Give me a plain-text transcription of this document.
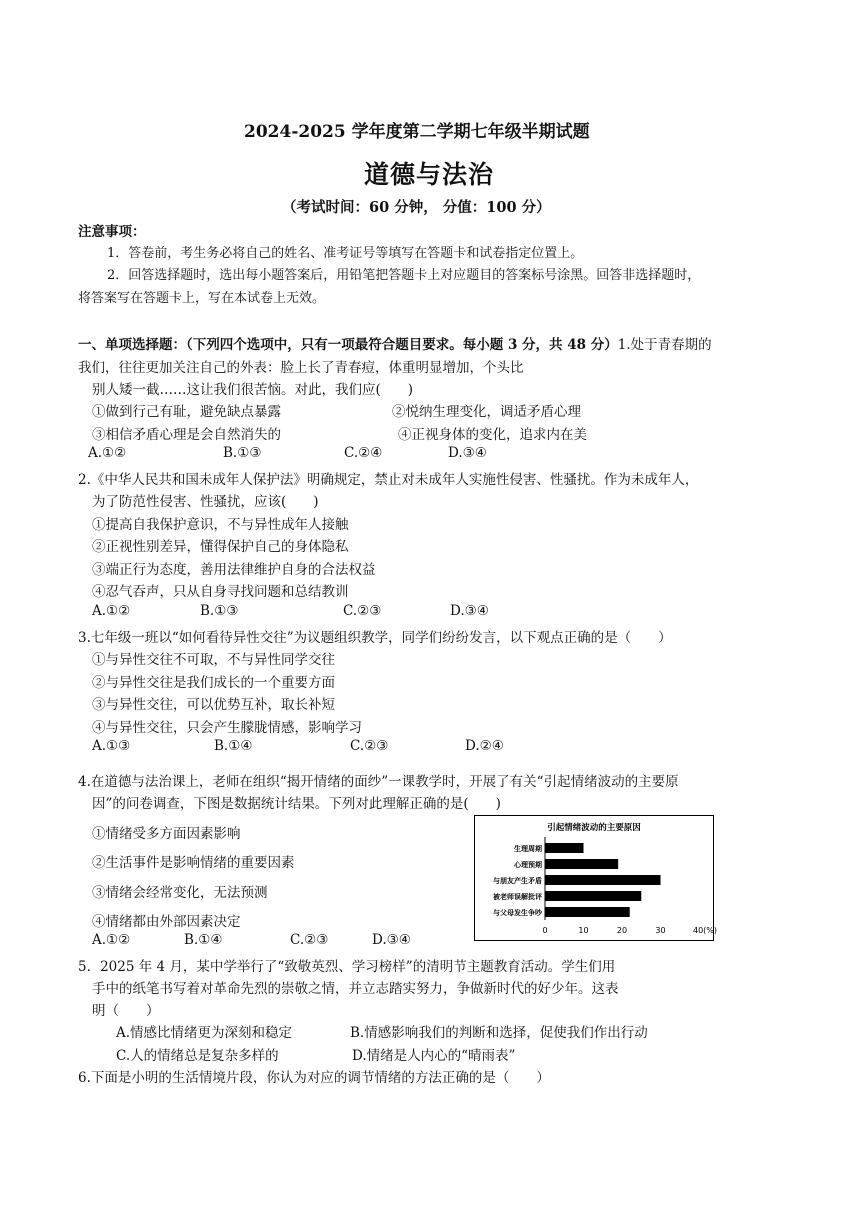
2024-2025 学年度第二学期七年级半期试题
道德与法治
（考试时间：60 分钟， 分值：100 分）
注意事项：
1．答卷前，考生务必将自己的姓名、准考证号等填写在答题卡和试卷指定位置上。
2．回答选择题时，选出每小题答案后，用铅笔把答题卡上对应题目的答案标号涂黑。回答非选择题时，
将答案写在答题卡上，写在本试卷上无效。
一、单项选择题：（下列四个选项中，只有一项最符合题目要求。每小题 3 分，共 48 分）1.处于青春期的
我们，往往更加关注自己的外表：脸上长了青春痘，体重明显增加，个头比
别人矮一截……这让我们很苦恼。对此，我们应(　　)
①做到行己有耻，避免缺点暴露	②悦纳生理变化，调适矛盾心理
③相信矛盾心理是会自然消失的	④正视身体的变化，追求内在美
A.①②	B.①③	C.②④	D.③④
2.《中华人民共和国未成年人保护法》明确规定，禁止对未成年人实施性侵害、性骚扰。作为未成年人，
为了防范性侵害、性骚扰，应该(　　)
①提高自我保护意识，不与异性成年人接触
②正视性别差异，懂得保护自己的身体隐私
③端正行为态度，善用法律维护自身的合法权益
④忍气吞声，只从自身寻找问题和总结教训
A.①②	B.①③	C.②③	D.③④
3.七年级一班以“如何看待异性交往”为议题组织教学，同学们纷纷发言，以下观点正确的是（　　）
①与异性交往不可取，不与异性同学交往
②与异性交往是我们成长的一个重要方面
③与异性交往，可以优势互补，取长补短
④与异性交往，只会产生朦胧情感，影响学习
A.①③	B.①④	C.②③	D.②④
4.在道德与法治课上，老师在组织“揭开情绪的面纱”一课教学时，开展了有关“引起情绪波动的主要原
因”的问卷调查，下图是数据统计结果。下列对此理解正确的是(　　)
①情绪受多方面因素影响
②生活事件是影响情绪的重要因素
③情绪会经常变化，无法预测
④情绪都由外部因素决定
A.①②	B.①④	C.②③	D.③④
引起情绪波动的主要原因
生理周期
心理预期
与朋友产生矛盾
被老师误解批评
与父母发生争吵
0	10	20	30	40(%)
5．2025 年 4 月，某中学举行了“致敬英烈、学习榜样”的清明节主题教育活动。学生们用
手中的纸笔书写着对革命先烈的崇敬之情，并立志踏实努力，争做新时代的好少年。这表
明（　　）
A.情感比情绪更为深刻和稳定	B.情感影响我们的判断和选择，促使我们作出行动
C.人的情绪总是复杂多样的	D.情绪是人内心的“晴雨表”
6.下面是小明的生活情境片段，你认为对应的调节情绪的方法正确的是（　　）
